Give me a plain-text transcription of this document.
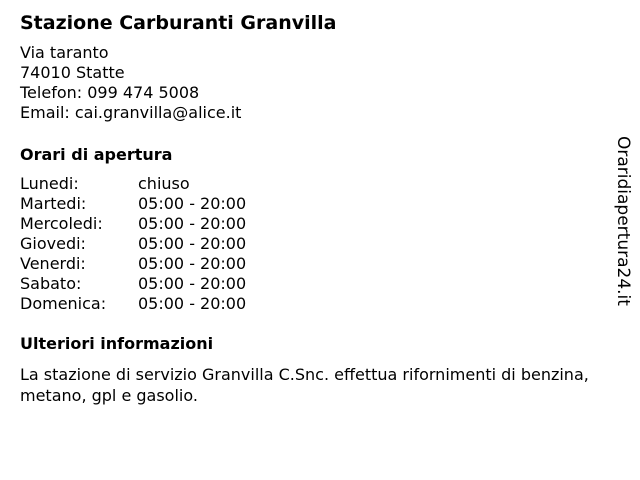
Stazione Carburanti Granvilla
Via taranto
74010 Statte
Telefon: 099 474 5008
Email: cai.granvilla@alice.it
Orari di apertura
Lunedi:	chiuso
Martedi:	05:00 - 20:00
Mercoledi: 05:00 - 20:00
Giovedi:	05:00 - 20:00
Venerdi:	05:00 - 20:00
Sabato:	05:00 - 20:00
Domenica: 05:00 - 20:00
Ulteriori informazioni

La stazione di servizio Granvilla C.Snc. effettua rifornimenti di benzina, metano, gpl e gasolio.

Oraridiapertura24.it
